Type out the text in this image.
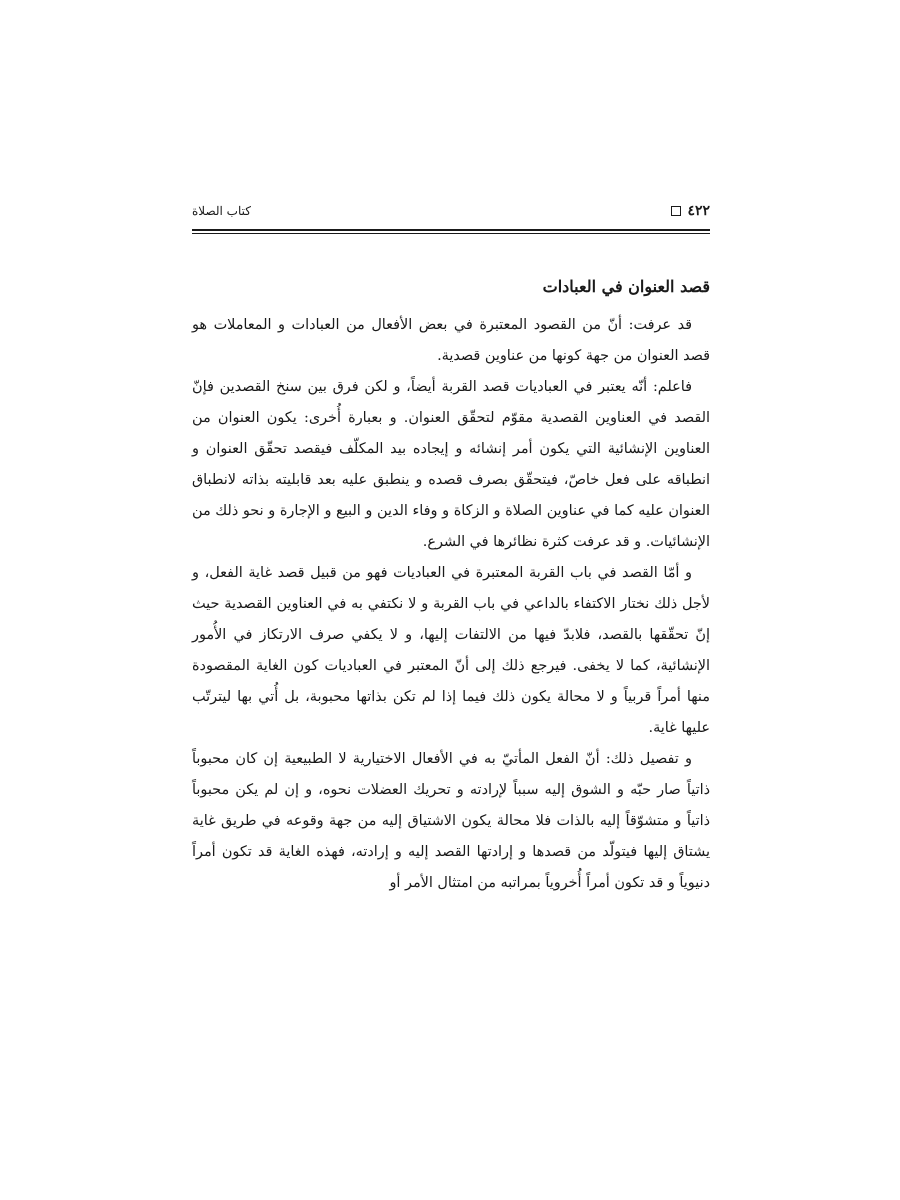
٤٢٢
كتاب الصلاة
قصد العنوان في العبادات

قد عرفت: أنّ من القصود المعتبرة في بعض الأفعال من العبادات و المعاملات هو قصد العنوان من جهة كونها من عناوين قصدية.

فاعلم: أنّه يعتبر في العباديات قصد القربة أيضاً، و لكن فرق بين سنخ القصدين فإنّ القصد في العناوين القصدية مقوّم لتحقّق العنوان. و بعبارة أُخرى: يكون العنوان من العناوين الإنشائية التي يكون أمر إنشائه و إيجاده بيد المكلّف فيقصد تحقّق العنوان و انطباقه على فعل خاصّ، فيتحقّق بصرف قصده و ينطبق عليه بعد قابليته بذاته لانطباق العنوان عليه كما في عناوين الصلاة و الزكاة و وفاء الدين و البيع و الإجارة و نحو ذلك من الإنشائيات. و قد عرفت كثرة نظائرها في الشرع.

و أمّا القصد في باب القربة المعتبرة في العباديات فهو من قبيل قصد غاية الفعل، و لأجل ذلك نختار الاكتفاء بالداعي في باب القربة و لا نكتفي به في العناوين القصدية حيث إنّ تحقّقها بالقصد، فلابدّ فيها من الالتفات إليها، و لا يكفي صرف الارتكاز في الأُمور الإنشائية، كما لا يخفى. فيرجع ذلك إلى أنّ المعتبر في العباديات كون الغاية المقصودة منها أمراً قربياً و لا محالة يكون ذلك فيما إذا لم تكن بذاتها محبوبة، بل أُتي بها ليترتّب عليها غاية.

و تفصيل ذلك: أنّ الفعل المأتيّ به في الأفعال الاختيارية لا الطبيعية إن كان محبوباً ذاتياً صار حبّه و الشوق إليه سبباً لإرادته و تحريك العضلات نحوه، و إن لم يكن محبوباً ذاتياً و متشوّقاً إليه بالذات فلا محالة يكون الاشتياق إليه من جهة وقوعه في طريق غاية يشتاق إليها فيتولّد من قصدها و إرادتها القصد إليه و إرادته، فهذه الغاية قد تكون أمراً دنيوياً و قد تكون أمراً أُخروياً بمراتبه من امتثال الأمر أو
